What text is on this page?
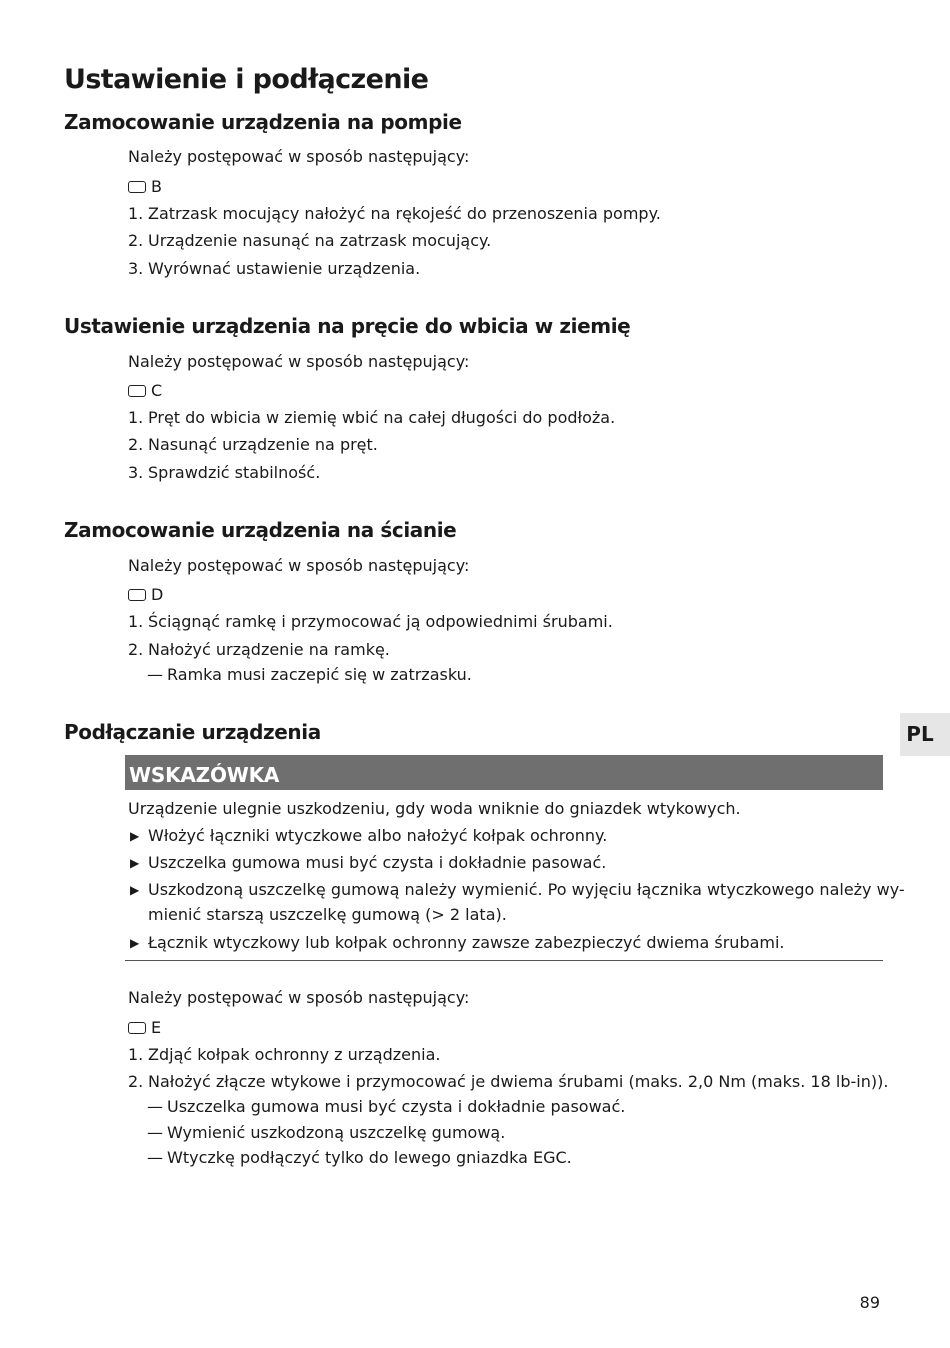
Ustawienie i podłączenie
Zamocowanie urządzenia na pompie
Należy postępować w sposób następujący:
B
1. Zatrzask mocujący nałożyć na rękojeść do przenoszenia pompy.
2. Urządzenie nasunąć na zatrzask mocujący.
3. Wyrównać ustawienie urządzenia.
Ustawienie urządzenia na pręcie do wbicia w ziemię
Należy postępować w sposób następujący:
C
1. Pręt do wbicia w ziemię wbić na całej długości do podłoża.
2. Nasunąć urządzenie na pręt.
3. Sprawdzić stabilność.
Zamocowanie urządzenia na ścianie
Należy postępować w sposób następujący:
D
1. Ściągnąć ramkę i przymocować ją odpowiednimi śrubami.
2. Nałożyć urządzenie na ramkę.
— Ramka musi zaczepić się w zatrzasku.
Podłączanie urządzenia	PL
WSKAZÓWKA
Urządzenie ulegnie uszkodzeniu, gdy woda wniknie do gniazdek wtykowych.
▶ Włożyć łączniki wtyczkowe albo nałożyć kołpak ochronny.
▶ Uszczelka gumowa musi być czysta i dokładnie pasować.
▶ Uszkodzoną uszczelkę gumową należy wymienić. Po wyjęciu łącznika wtyczkowego należy wy-
mienić starszą uszczelkę gumową (> 2 lata).
▶ Łącznik wtyczkowy lub kołpak ochronny zawsze zabezpieczyć dwiema śrubami.
Należy postępować w sposób następujący:
E
1. Zdjąć kołpak ochronny z urządzenia.
2. Nałożyć złącze wtykowe i przymocować je dwiema śrubami (maks. 2,0 Nm (maks. 18 lb-in)).
— Uszczelka gumowa musi być czysta i dokładnie pasować.
— Wymienić uszkodzoną uszczelkę gumową.
— Wtyczkę podłączyć tylko do lewego gniazdka EGC.
89
